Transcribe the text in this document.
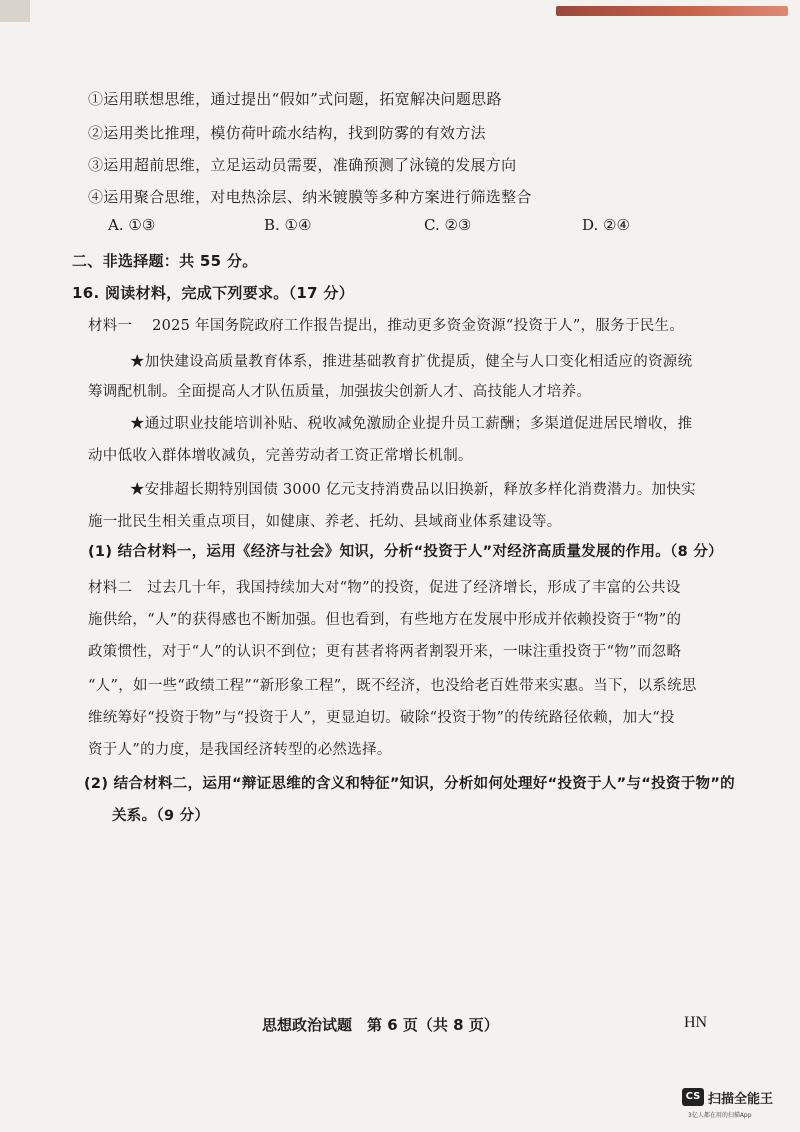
①运用联想思维，通过提出“假如”式问题，拓宽解决问题思路
②运用类比推理，模仿荷叶疏水结构，找到防雾的有效方法
③运用超前思维，立足运动员需要，准确预测了泳镜的发展方向
④运用聚合思维，对电热涂层、纳米镀膜等多种方案进行筛选整合
A. ①③	B. ①④	C. ②③	D. ②④
二、非选择题：共 55 分。
16. 阅读材料，完成下列要求。（17 分）
材料一　 2025 年国务院政府工作报告提出，推动更多资金资源“投资于人”，服务于民生。
★加快建设高质量教育体系，推进基础教育扩优提质，健全与人口变化相适应的资源统
筹调配机制。全面提高人才队伍质量，加强拔尖创新人才、高技能人才培养。
★通过职业技能培训补贴、税收减免激励企业提升员工薪酬；多渠道促进居民增收，推
动中低收入群体增收减负，完善劳动者工资正常增长机制。
★安排超长期特别国债 3000 亿元支持消费品以旧换新，释放多样化消费潜力。加快实
施一批民生相关重点项目，如健康、养老、托幼、县域商业体系建设等。
(1) 结合材料一，运用《经济与社会》知识，分析“投资于人”对经济高质量发展的作用。（8 分）
材料二　过去几十年，我国持续加大对“物”的投资，促进了经济增长，形成了丰富的公共设
施供给，“人”的获得感也不断加强。但也看到，有些地方在发展中形成并依赖投资于“物”的
政策惯性，对于“人”的认识不到位；更有甚者将两者割裂开来，一味注重投资于“物”而忽略
“人”，如一些“政绩工程”“新形象工程”，既不经济，也没给老百姓带来实惠。当下，以系统思
维统筹好“投资于物”与“投资于人”，更显迫切。破除“投资于物”的传统路径依赖，加大“投
资于人”的力度，是我国经济转型的必然选择。
(2) 结合材料二，运用“辩证思维的含义和特征”知识，分析如何处理好“投资于人”与“投资于物”的
关系。（9 分）
思想政治试题　第 6 页（共 8 页）	HN
CS 扫描全能王
3亿人都在用的扫描App
